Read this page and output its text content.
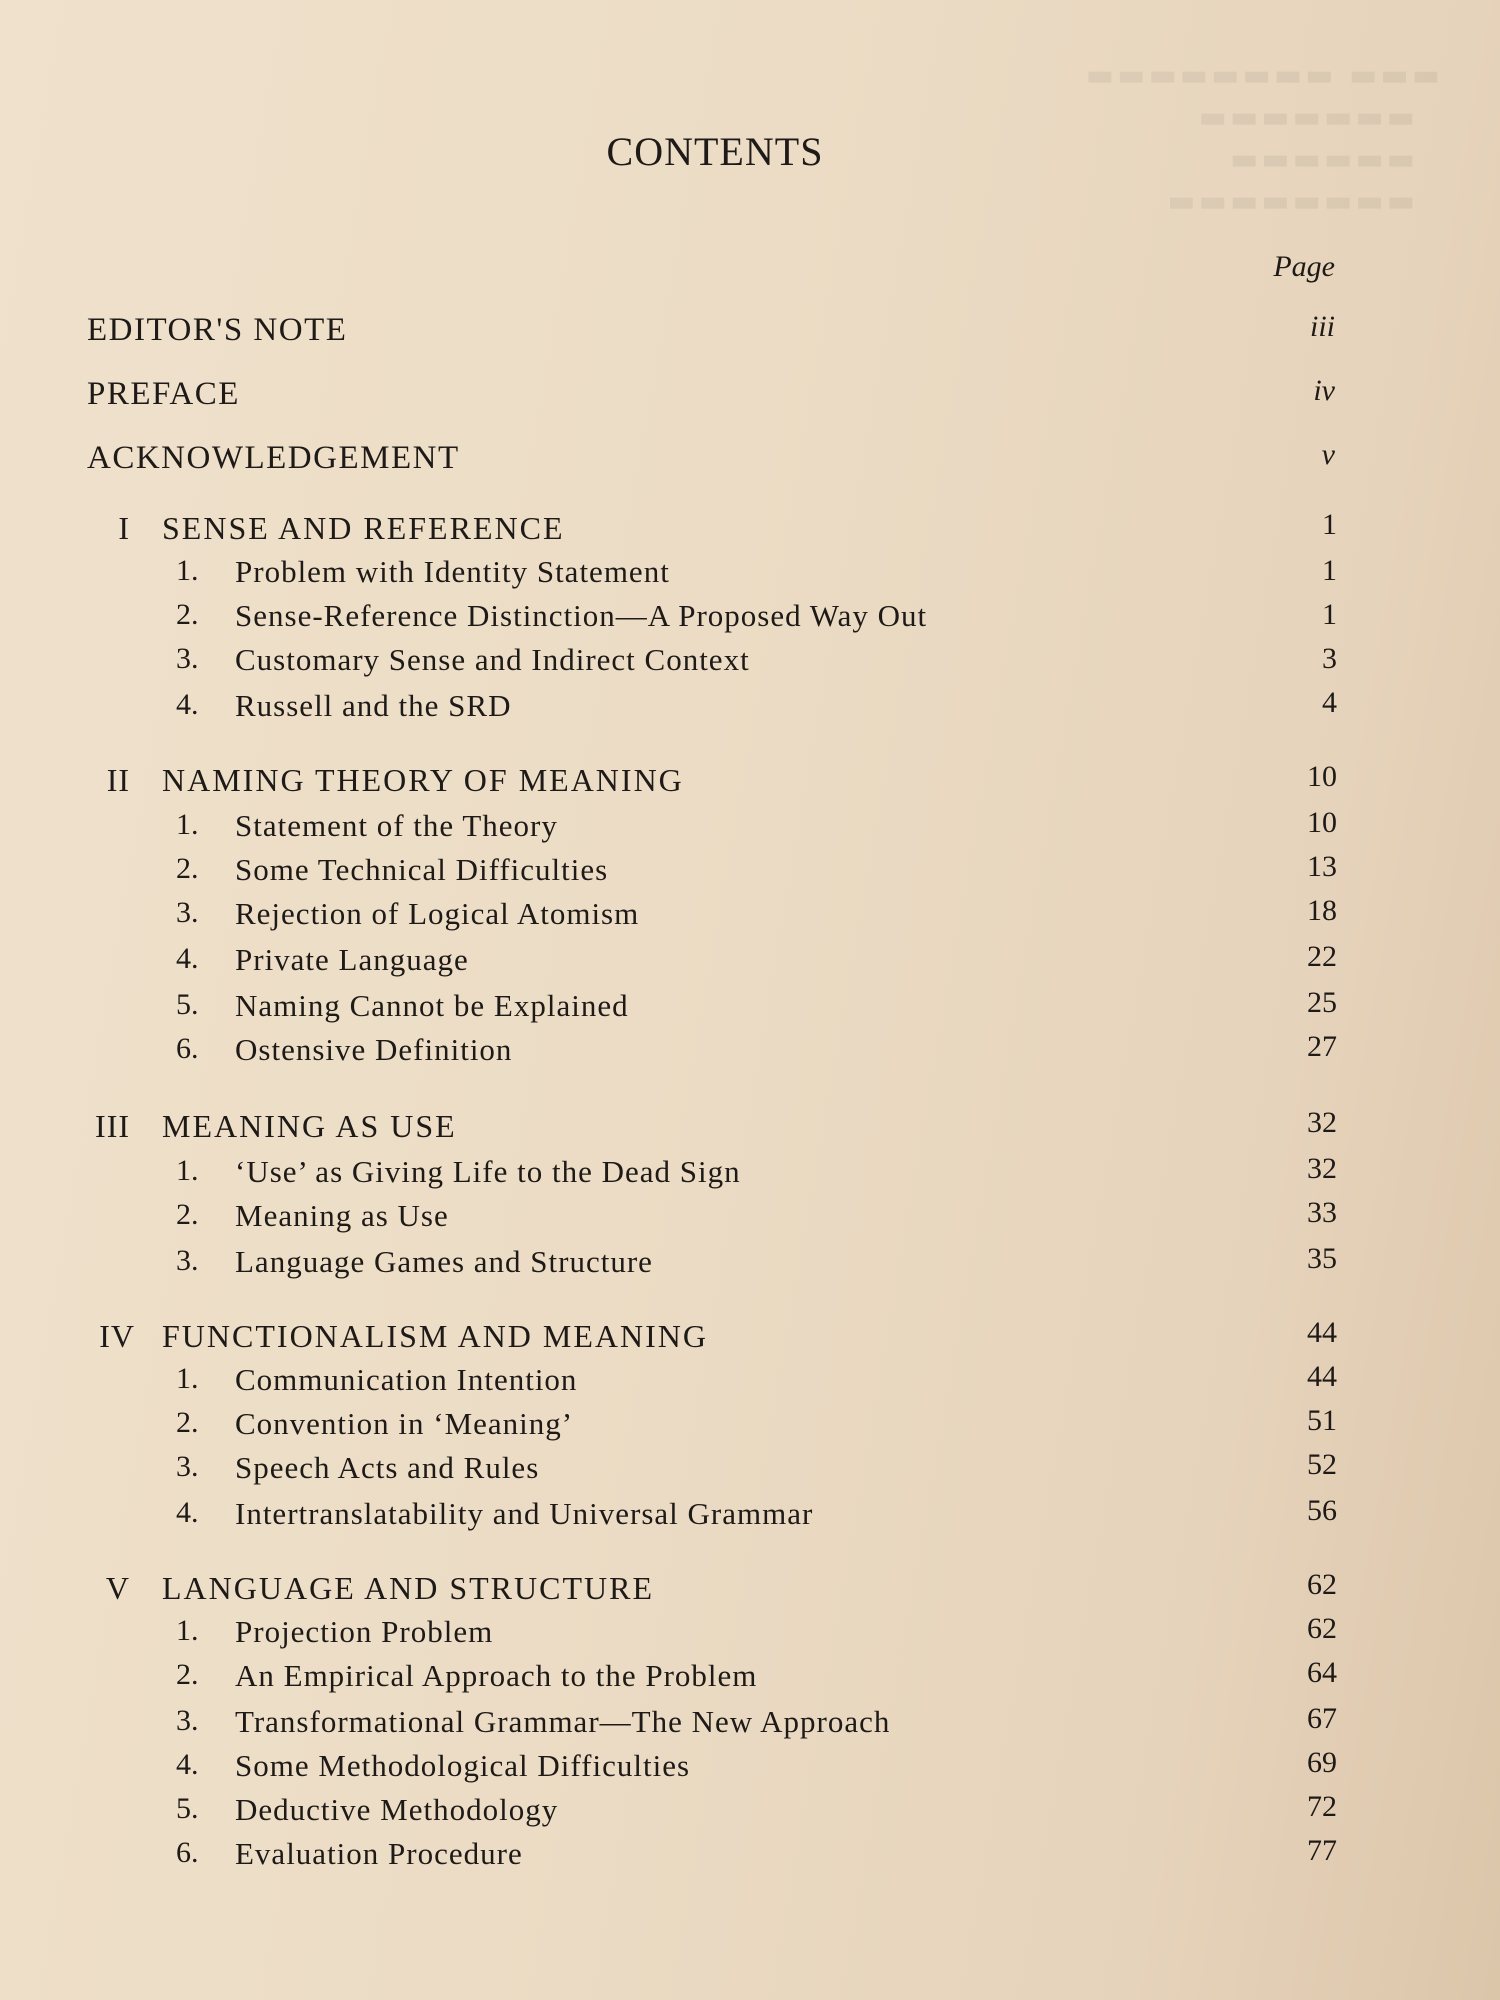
▬▬▬ ▬▬▬▬▬▬▬▬
▬▬▬▬▬▬▬
▬▬▬▬▬▬
▬▬▬▬▬▬▬▬
CONTENTS
Page
EDITOR'S NOTE	iii
PREFACE	iv
ACKNOWLEDGEMENT	v
I SENSE AND REFERENCE	1
1. Problem with Identity Statement	1
2. Sense-Reference Distinction—A Proposed Way Out	1
3. Customary Sense and Indirect Context	3
4. Russell and the SRD	4
II NAMING THEORY OF MEANING	10
1. Statement of the Theory	10
2. Some Technical Difficulties	13
3. Rejection of Logical Atomism	18
4. Private Language	22
5. Naming Cannot be Explained	25
6. Ostensive Definition	27
III MEANING AS USE	32
1. ‘Use’ as Giving Life to the Dead Sign	32
2. Meaning as Use	33
3. Language Games and Structure	35
IV FUNCTIONALISM AND MEANING	44
1. Communication Intention	44
2. Convention in ‘Meaning’	51
3. Speech Acts and Rules	52
4. Intertranslatability and Universal Grammar	56
V LANGUAGE AND STRUCTURE	62
1. Projection Problem	62
2. An Empirical Approach to the Problem	64
3. Transformational Grammar—The New Approach	67
4. Some Methodological Difficulties	69
5. Deductive Methodology	72
6. Evaluation Procedure	77
